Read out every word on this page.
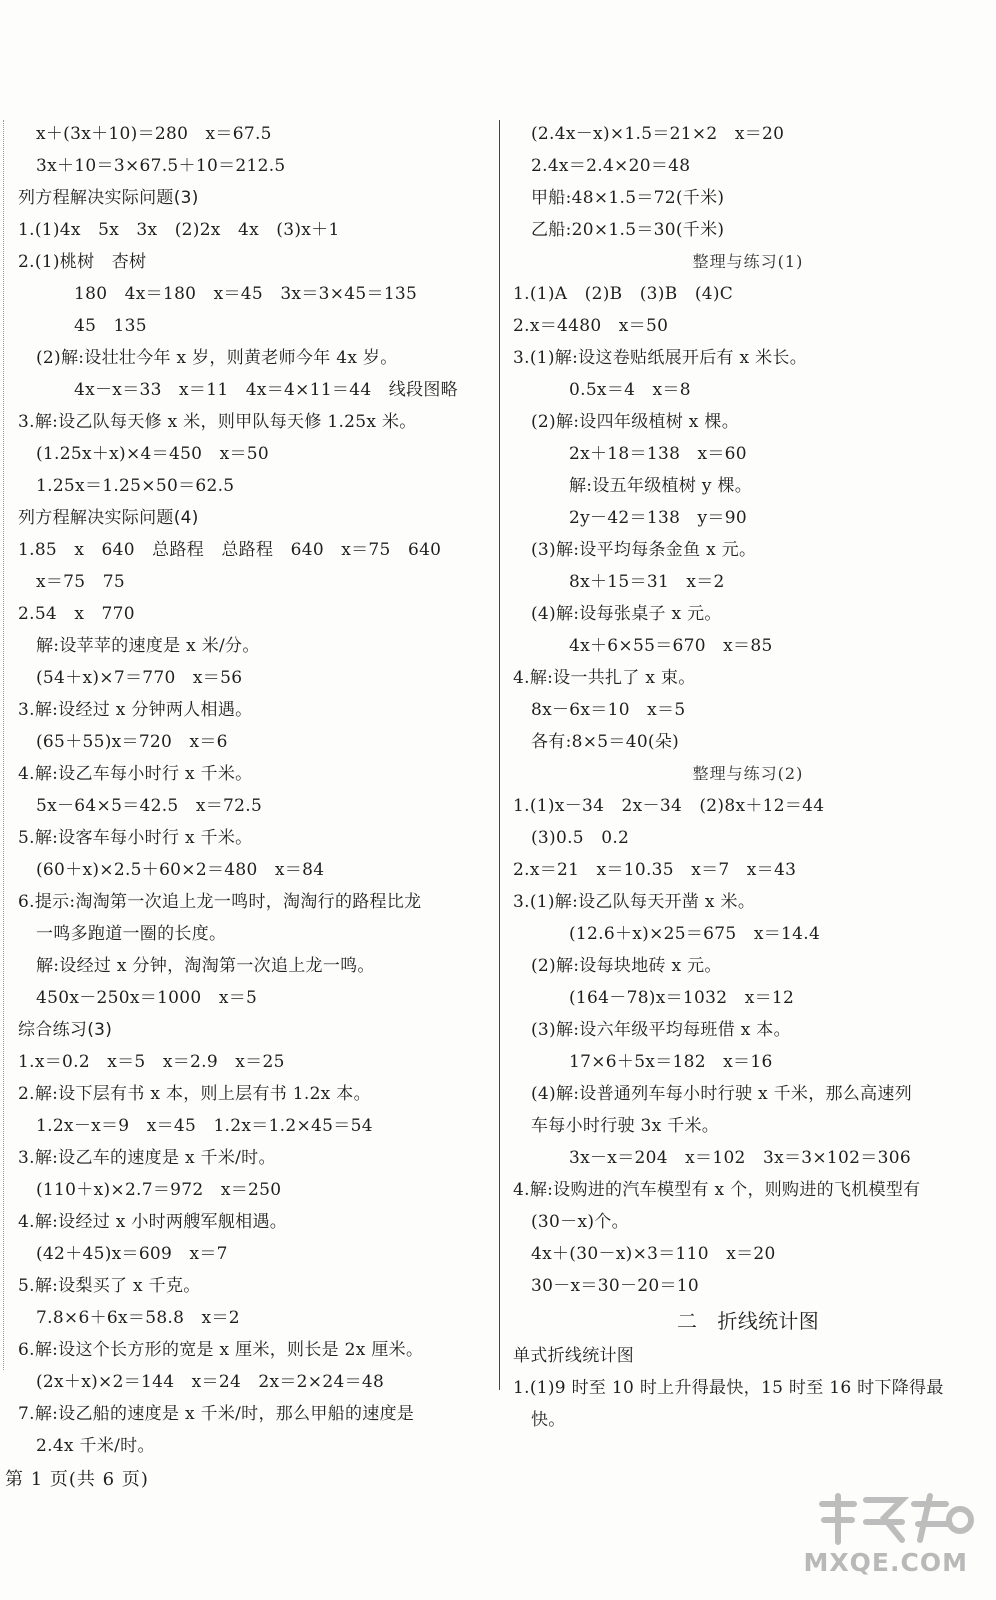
x＋(3x＋10)＝280　x＝67.5
3x＋10＝3×67.5＋10＝212.5
列方程解决实际问题(3)
1.(1)4x　5x　3x　(2)2x　4x　(3)x＋1
2.(1)桃树　杏树
180　4x＝180　x＝45　3x＝3×45＝135
45　135
(2)解:设壮壮今年 x 岁，则黄老师今年 4x 岁。
4x－x＝33　x＝11　4x＝4×11＝44　线段图略
3.解:设乙队每天修 x 米，则甲队每天修 1.25x 米。
(1.25x＋x)×4＝450　x＝50
1.25x＝1.25×50＝62.5
列方程解决实际问题(4)
1.85　x　640　总路程　总路程　640　x＝75　640
x＝75　75
2.54　x　770
解:设苹苹的速度是 x 米/分。
(54＋x)×7＝770　x＝56
3.解:设经过 x 分钟两人相遇。
(65＋55)x＝720　x＝6
4.解:设乙车每小时行 x 千米。
5x－64×5＝42.5　x＝72.5
5.解:设客车每小时行 x 千米。
(60＋x)×2.5＋60×2＝480　x＝84
6.提示:淘淘第一次追上龙一鸣时，淘淘行的路程比龙
一鸣多跑道一圈的长度。
解:设经过 x 分钟，淘淘第一次追上龙一鸣。
450x－250x＝1000　x＝5
综合练习(3)
1.x＝0.2　x＝5　x＝2.9　x＝25
2.解:设下层有书 x 本，则上层有书 1.2x 本。
1.2x－x＝9　x＝45　1.2x＝1.2×45＝54
3.解:设乙车的速度是 x 千米/时。
(110＋x)×2.7＝972　x＝250
4.解:设经过 x 小时两艘军舰相遇。
(42＋45)x＝609　x＝7
5.解:设梨买了 x 千克。
7.8×6＋6x＝58.8　x＝2
6.解:设这个长方形的宽是 x 厘米，则长是 2x 厘米。
(2x＋x)×2＝144　x＝24　2x＝2×24＝48
7.解:设乙船的速度是 x 千米/时，那么甲船的速度是
2.4x 千米/时。
(2.4x－x)×1.5＝21×2　x＝20
2.4x＝2.4×20＝48
甲船:48×1.5＝72(千米)
乙船:20×1.5＝30(千米)
整理与练习(1)
1.(1)A　(2)B　(3)B　(4)C
2.x＝4480　x＝50
3.(1)解:设这卷贴纸展开后有 x 米长。
0.5x＝4　x＝8
(2)解:设四年级植树 x 棵。
2x＋18＝138　x＝60
解:设五年级植树 y 棵。
2y－42＝138　y＝90
(3)解:设平均每条金鱼 x 元。
8x＋15＝31　x＝2
(4)解:设每张桌子 x 元。
4x＋6×55＝670　x＝85
4.解:设一共扎了 x 束。
8x－6x＝10　x＝5
各有:8×5＝40(朵)
整理与练习(2)
1.(1)x－34　2x－34　(2)8x＋12＝44
(3)0.5　0.2
2.x＝21　x＝10.35　x＝7　x＝43
3.(1)解:设乙队每天开凿 x 米。
(12.6＋x)×25＝675　x＝14.4
(2)解:设每块地砖 x 元。
(164－78)x＝1032　x＝12
(3)解:设六年级平均每班借 x 本。
17×6＋5x＝182　x＝16
(4)解:设普通列车每小时行驶 x 千米，那么高速列
车每小时行驶 3x 千米。
3x－x＝204　x＝102　3x＝3×102＝306
4.解:设购进的汽车模型有 x 个，则购进的飞机模型有
(30－x)个。
4x＋(30－x)×3＝110　x＝20
30－x＝30－20＝10
二　折线统计图
单式折线统计图
1.(1)9 时至 10 时上升得最快，15 时至 16 时下降得最
快。
第 1 页(共 6 页)
MXQE.COM
